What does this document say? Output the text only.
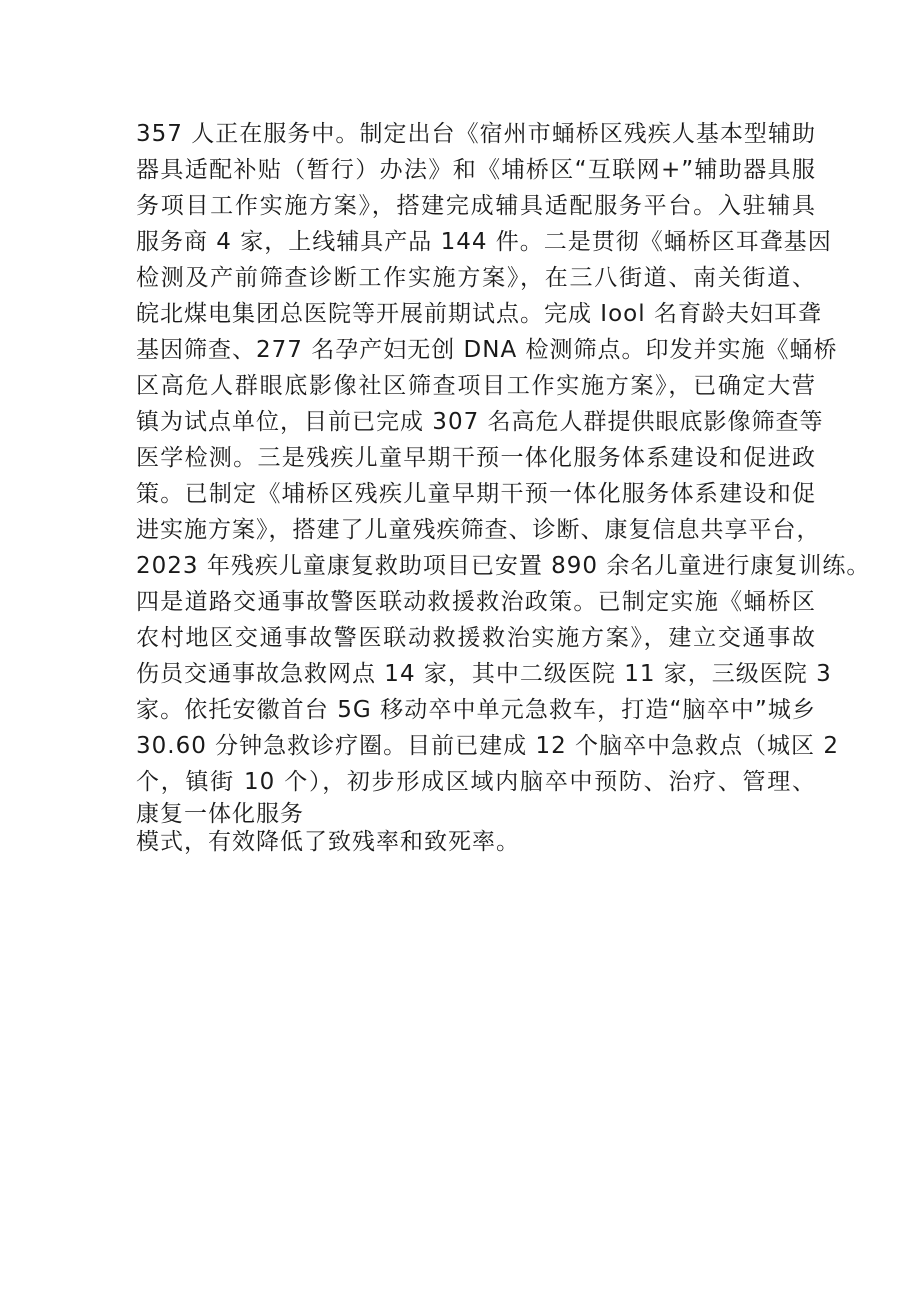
357 人正在服务中。制定出台《宿州市蛹桥区残疾人基本型辅助
器具适配补贴（暂行）办法》和《埔桥区“互联网+”辅助器具服
务项目工作实施方案》，搭建完成辅具适配服务平台。入驻辅具
服务商 4 家，上线辅具产品 144 件。二是贯彻《蛹桥区耳聋基因
检测及产前筛查诊断工作实施方案》，在三八街道、南关街道、
皖北煤电集团总医院等开展前期试点。完成 Iool 名育龄夫妇耳聋
基因筛查、277 名孕产妇无创 DNA 检测筛点。印发并实施《蛹桥
区高危人群眼底影像社区筛查项目工作实施方案》，已确定大营
镇为试点单位，目前已完成 307 名高危人群提供眼底影像筛查等
医学检测。三是残疾儿童早期干预一体化服务体系建设和促进政
策。已制定《埔桥区残疾儿童早期干预一体化服务体系建设和促
进实施方案》，搭建了儿童残疾筛查、诊断、康复信息共享平台，
2023 年残疾儿童康复救助项目已安置 890 余名儿童进行康复训练。
四是道路交通事故警医联动救援救治政策。已制定实施《蛹桥区
农村地区交通事故警医联动救援救治实施方案》，建立交通事故
伤员交通事故急救网点 14 家，其中二级医院 11 家，三级医院 3
家。依托安徽首台 5G 移动卒中单元急救车，打造“脑卒中”城乡
30.60 分钟急救诊疗圈。目前已建成 12 个脑卒中急救点（城区 2
个，镇街 10 个），初步形成区域内脑卒中预防、治疗、管理、
康复一体化服务
模式，有效降低了致残率和致死率。
